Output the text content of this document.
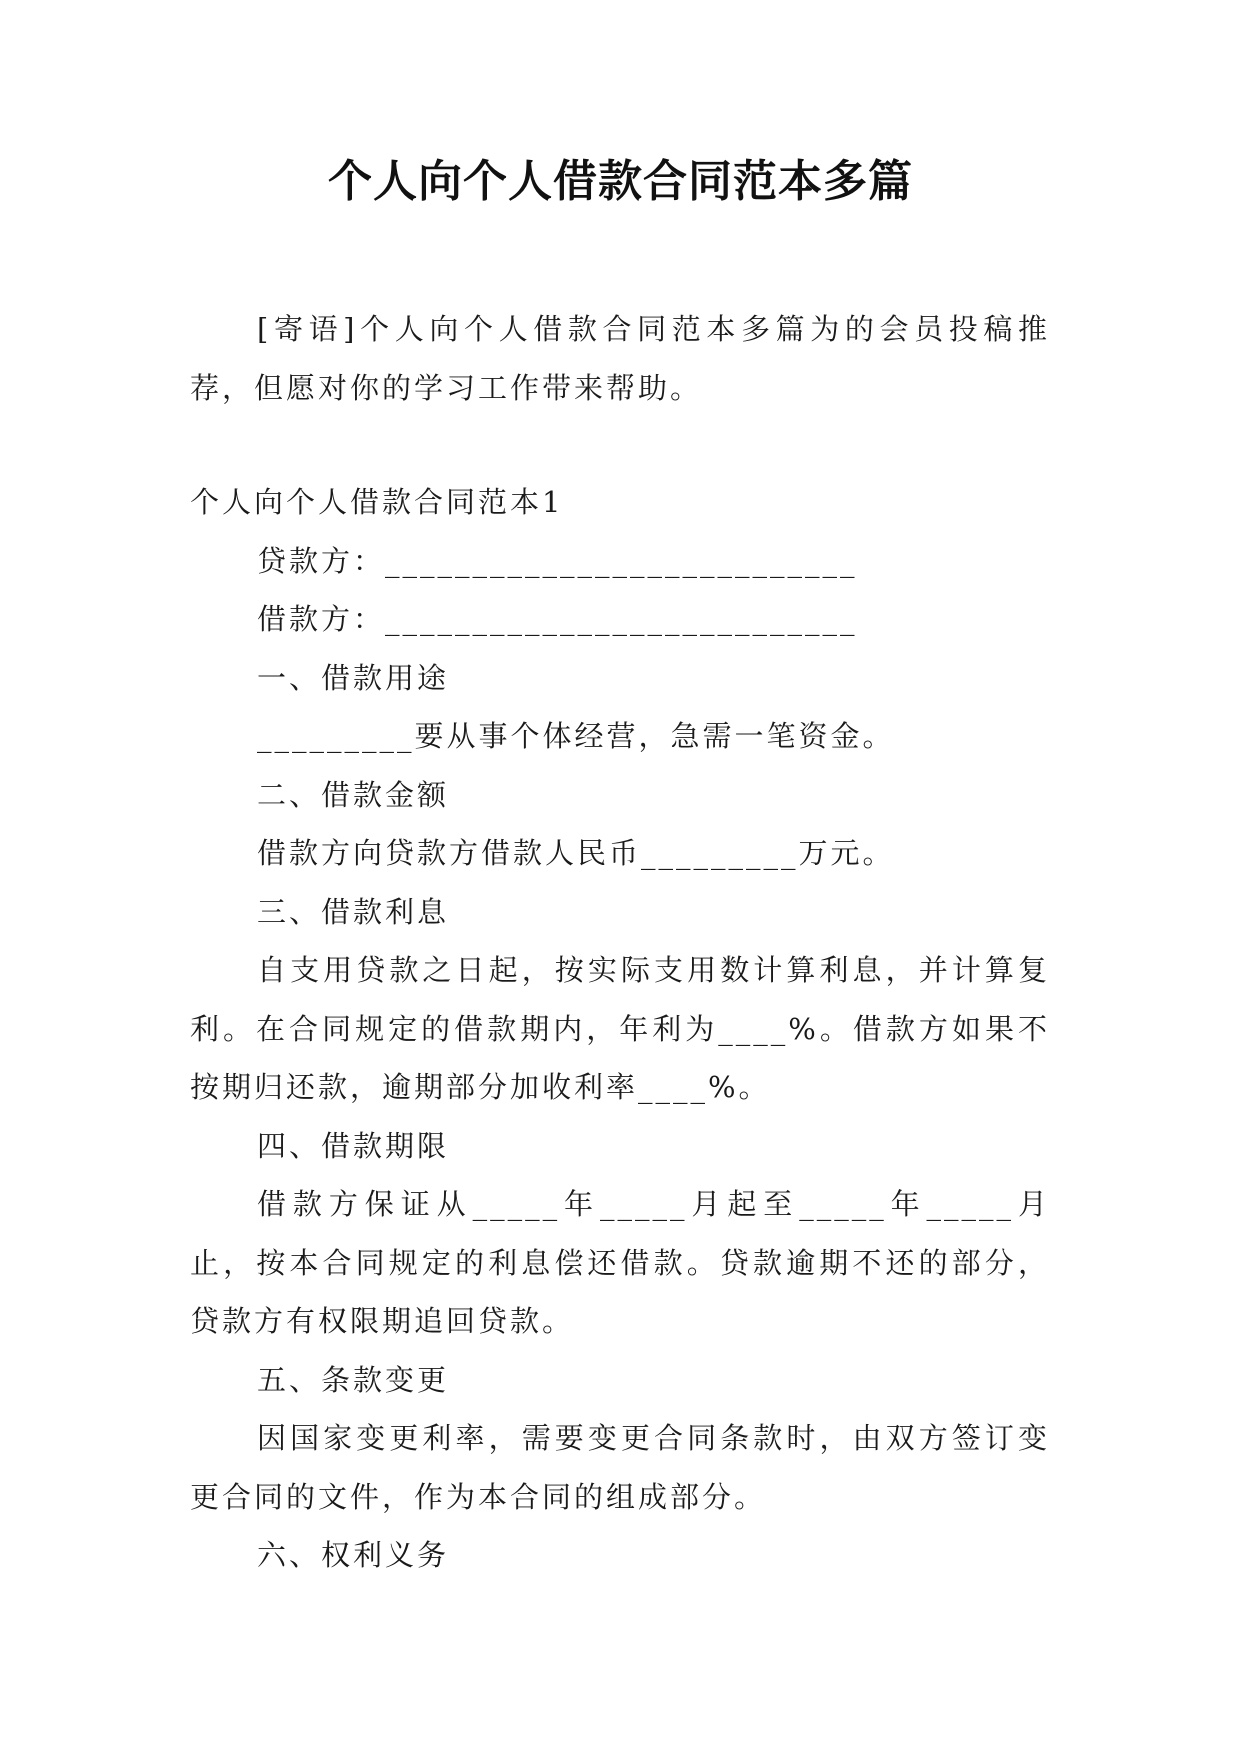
个人向个人借款合同范本多篇

[寄语]个人向个人借款合同范本多篇为的会员投稿推荐，但愿对你的学习工作带来帮助。

个人向个人借款合同范本1

贷款方：___________________________

借款方：___________________________

一、借款用途

_________要从事个体经营，急需一笔资金。

二、借款金额

借款方向贷款方借款人民币_________万元。

三、借款利息

自支用贷款之日起，按实际支用数计算利息，并计算复利。在合同规定的借款期内，年利为____%。借款方如果不按期归还款，逾期部分加收利率____%。

四、借款期限

借款方保证从_____年_____月起至_____年_____月止，按本合同规定的利息偿还借款。贷款逾期不还的部分，贷款方有权限期追回贷款。

五、条款变更

因国家变更利率，需要变更合同条款时，由双方签订变更合同的文件，作为本合同的组成部分。

六、权利义务
